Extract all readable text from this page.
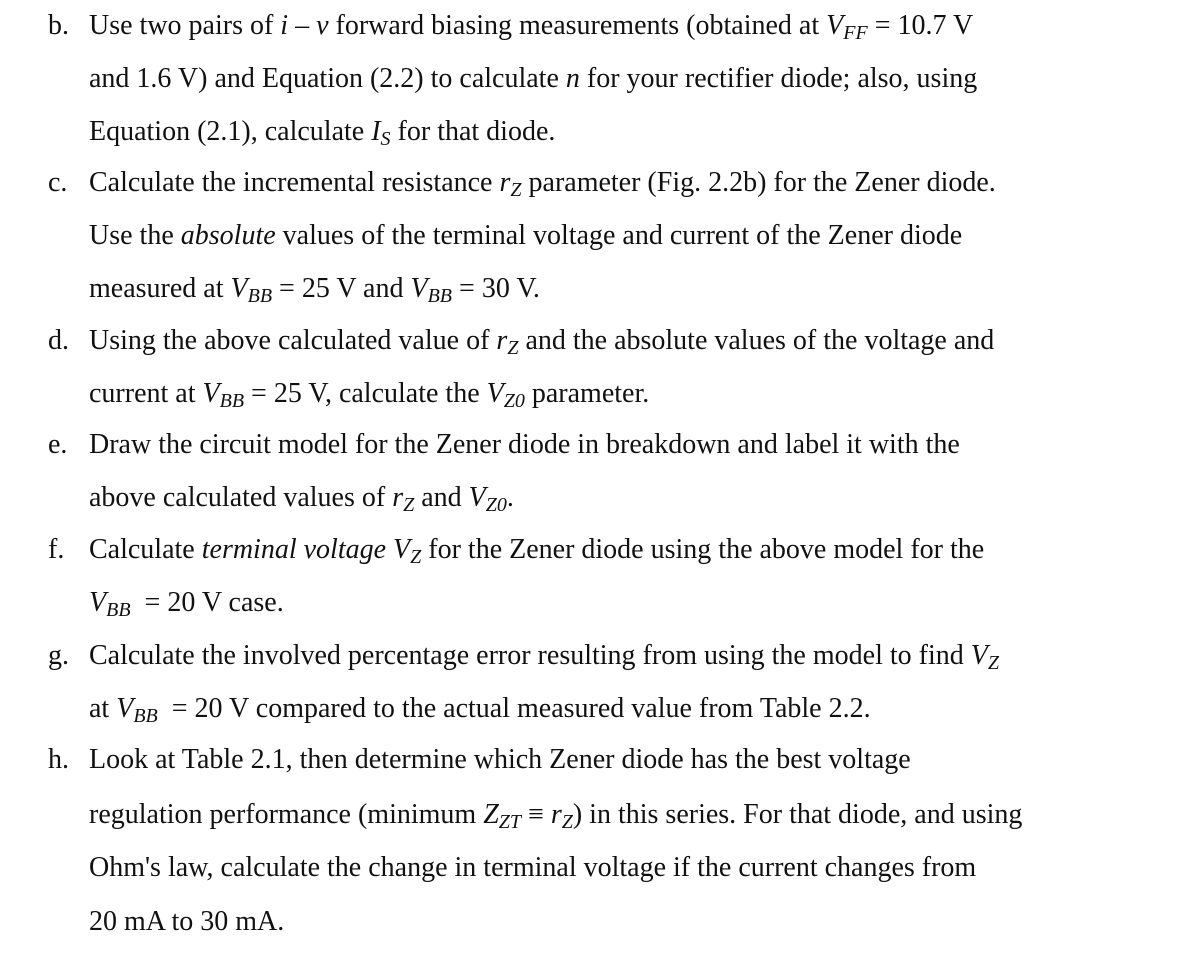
b. Use two pairs of i – v forward biasing measurements (obtained at $V_{FF} = 10.7$ V
and 1.6 V) and Equation (2.2) to calculate n for your rectifier diode; also, using
Equation (2.1), calculate $I_S$ for that diode.
c. Calculate the incremental resistance $r_Z$ parameter (Fig. 2.2b) for the Zener diode.
Use the absolute values of the terminal voltage and current of the Zener diode
measured at $V_{BB} = 25$ V and $V_{BB} = 30$ V.
d. Using the above calculated value of $r_Z$ and the absolute values of the voltage and
current at $V_{BB} = 25$ V, calculate the $V_{Z0}$ parameter.
e. Draw the circuit model for the Zener diode in breakdown and label it with the
above calculated values of $r_Z$ and $V_{Z0}$.
f. Calculate terminal voltage $V_Z$ for the Zener diode using the above model for the
$V_{BB} = 20$ V case.
g. Calculate the involved percentage error resulting from using the model to find $V_Z$
at $V_{BB} = 20$ V compared to the actual measured value from Table 2.2.
h. Look at Table 2.1, then determine which Zener diode has the best voltage
regulation performance (minimum $Z_{ZT} \equiv r_Z$) in this series. For that diode, and using
Ohm's law, calculate the change in terminal voltage if the current changes from
20 mA to 30 mA.
